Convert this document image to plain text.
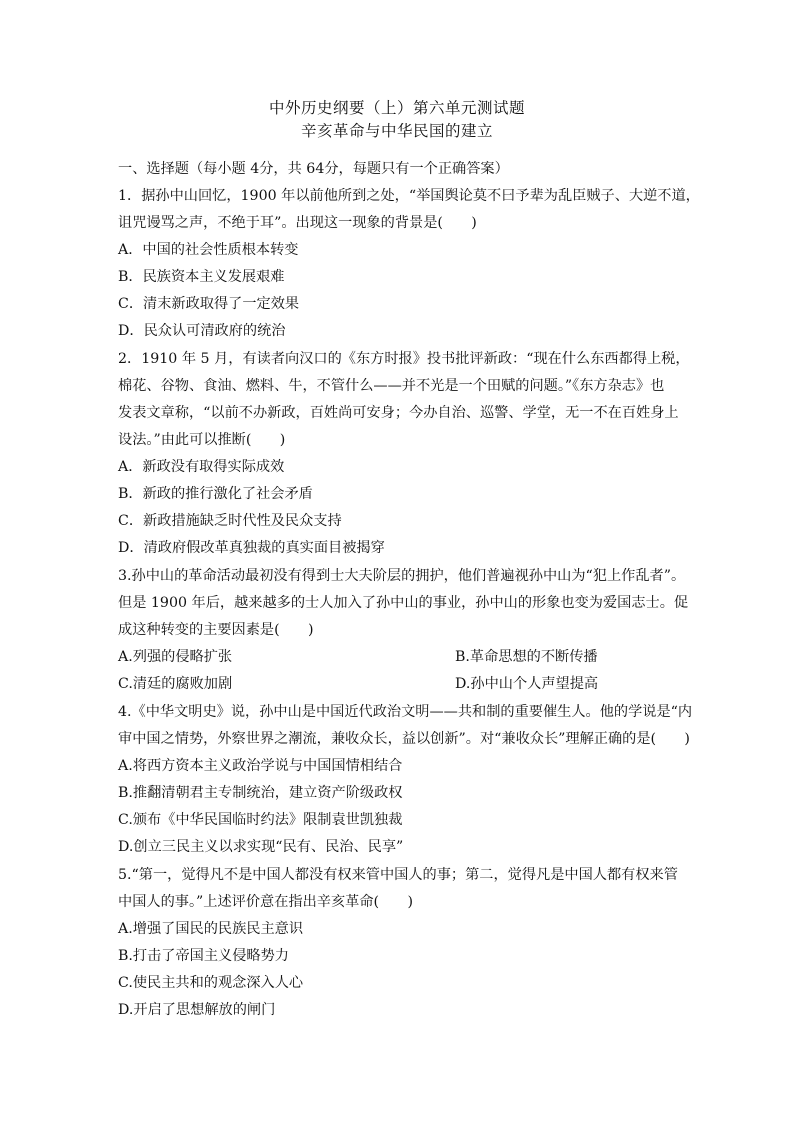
中外历史纲要（上）第六单元测试题
辛亥革命与中华民国的建立
一、选择题（每小题 4分，共 64分，每题只有一个正确答案）
1．据孙中山回忆，1900 年以前他所到之处，“举国舆论莫不曰予辈为乱臣贼子、大逆不道，
诅咒谩骂之声，不绝于耳”。出现这一现象的背景是(　　)
A．中国的社会性质根本转变
B．民族资本主义发展艰难
C．清末新政取得了一定效果
D．民众认可清政府的统治
2．1910 年 5 月，有读者向汉口的《东方时报》投书批评新政：“现在什么东西都得上税，
棉花、谷物、食油、燃料、牛，不管什么——并不光是一个田赋的问题。”《东方杂志》也
发表文章称，“以前不办新政，百姓尚可安身；今办自治、巡警、学堂，无一不在百姓身上
设法。”由此可以推断(　　)
A．新政没有取得实际成效
B．新政的推行激化了社会矛盾
C．新政措施缺乏时代性及民众支持
D．清政府假改革真独裁的真实面目被揭穿
3.孙中山的革命活动最初没有得到士大夫阶层的拥护，他们普遍视孙中山为“犯上作乱者”。
但是 1900 年后，越来越多的士人加入了孙中山的事业，孙中山的形象也变为爱国志士。促
成这种转变的主要因素是(　　)
A.列强的侵略扩张	B.革命思想的不断传播
C.清廷的腐败加剧	D.孙中山个人声望提高
4.《中华文明史》说，孙中山是中国近代政治文明——共和制的重要催生人。他的学说是“内
审中国之情势，外察世界之潮流，兼收众长，益以创新”。对“兼收众长”理解正确的是(　　)
A.将西方资本主义政治学说与中国国情相结合
B.推翻清朝君主专制统治，建立资产阶级政权
C.颁布《中华民国临时约法》限制袁世凯独裁
D.创立三民主义以求实现“民有、民治、民享”
5.“第一，觉得凡不是中国人都没有权来管中国人的事；第二，觉得凡是中国人都有权来管
中国人的事。”上述评价意在指出辛亥革命(　　)
A.增强了国民的民族民主意识
B.打击了帝国主义侵略势力
C.使民主共和的观念深入人心
D.开启了思想解放的闸门
